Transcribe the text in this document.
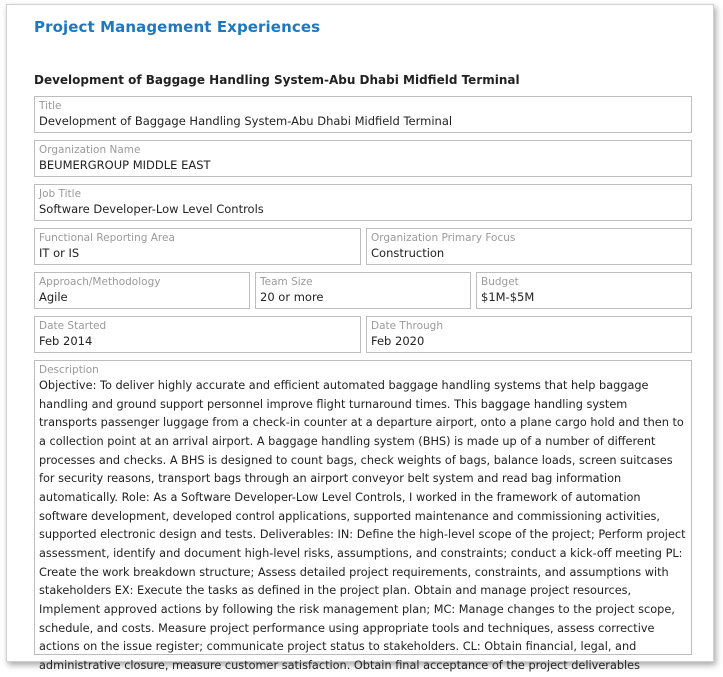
Project Management Experiences
Development of Baggage Handling System-Abu Dhabi Midfield Terminal
Title
Development of Baggage Handling System-Abu Dhabi Midfield Terminal
Organization Name
BEUMERGROUP MIDDLE EAST
Job Title
Software Developer-Low Level Controls
Functional Reporting Area
IT or IS
Organization Primary Focus
Construction
Approach/Methodology
Agile
Team Size
20 or more
Budget
$1M-$5M
Date Started
Feb 2014
Date Through
Feb 2020
Description
Objective: To deliver highly accurate and efficient automated baggage handling systems that help baggage handling and ground support personnel improve flight turnaround times. This baggage handling system transports passenger luggage from a check-in counter at a departure airport, onto a plane cargo hold and then to a collection point at an arrival airport. A baggage handling system (BHS) is made up of a number of different processes and checks. A BHS is designed to count bags, check weights of bags, balance loads, screen suitcases for security reasons, transport bags through an airport conveyor belt system and read bag information automatically. Role: As a Software Developer-Low Level Controls, I worked in the framework of automation software development, developed control applications, supported maintenance and commissioning activities, supported electronic design and tests. Deliverables: IN: Define the high-level scope of the project; Perform project assessment, identify and document high-level risks, assumptions, and constraints; conduct a kick-off meeting PL: Create the work breakdown structure; Assess detailed project requirements, constraints, and assumptions with stakeholders EX: Execute the tasks as defined in the project plan. Obtain and manage project resources, Implement approved actions by following the risk management plan; MC: Manage changes to the project scope, schedule, and costs. Measure project performance using appropriate tools and techniques, assess corrective actions on the issue register; communicate project status to stakeholders. CL: Obtain financial, legal, and administrative closure, measure customer satisfaction. Obtain final acceptance of the project deliverables
